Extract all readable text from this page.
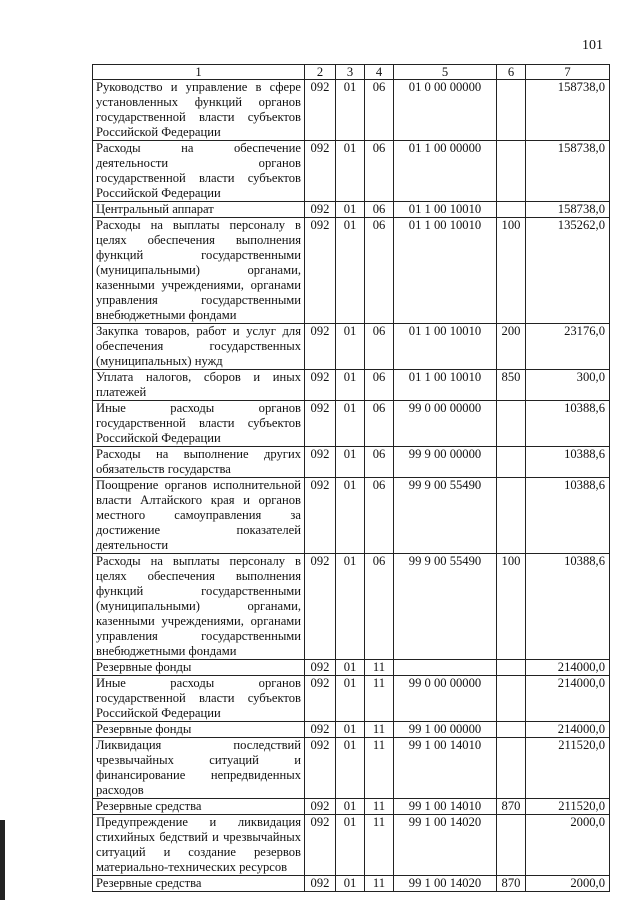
101
1	2	3	4	5	6	7
Руководство и управление в сфере установленных функций органов государственной власти субъектов Российской Федерации	092	01	06	01 0 00 00000		158738,0
Расходы на обеспечение деятельности органов государственной власти субъектов Российской Федерации	092	01	06	01 1 00 00000		158738,0
Центральный аппарат	092	01	06	01 1 00 10010		158738,0
Расходы на выплаты персоналу в целях обеспечения выполнения функций государственными (муниципальными) органами, казенными учреждениями, органами управления государственными внебюджетными фондами	092	01	06	01 1 00 10010	100	135262,0
Закупка товаров, работ и услуг для обеспечения государственных (муниципальных) нужд	092	01	06	01 1 00 10010	200	23176,0
Уплата налогов, сборов и иных платежей	092	01	06	01 1 00 10010	850	300,0
Иные расходы органов государственной власти субъектов Российской Федерации	092	01	06	99 0 00 00000		10388,6
Расходы на выполнение других обязательств государства	092	01	06	99 9 00 00000		10388,6
Поощрение органов исполнительной власти Алтайского края и органов местного самоуправления за достижение показателей деятельности	092	01	06	99 9 00 55490		10388,6
Расходы на выплаты персоналу в целях обеспечения выполнения функций государственными (муниципальными) органами, казенными учреждениями, органами управления государственными внебюджетными фондами	092	01	06	99 9 00 55490	100	10388,6
Резервные фонды	092	01	11			214000,0
Иные расходы органов государственной власти субъектов Российской Федерации	092	01	11	99 0 00 00000		214000,0
Резервные фонды	092	01	11	99 1 00 00000		214000,0
Ликвидация последствий чрезвычайных ситуаций и финансирование непредвиденных расходов	092	01	11	99 1 00 14010		211520,0
Резервные средства	092	01	11	99 1 00 14010	870	211520,0
Предупреждение и ликвидация стихийных бедствий и чрезвычайных ситуаций и создание резервов материально-технических ресурсов	092	01	11	99 1 00 14020		2000,0
Резервные средства	092	01	11	99 1 00 14020	870	2000,0
